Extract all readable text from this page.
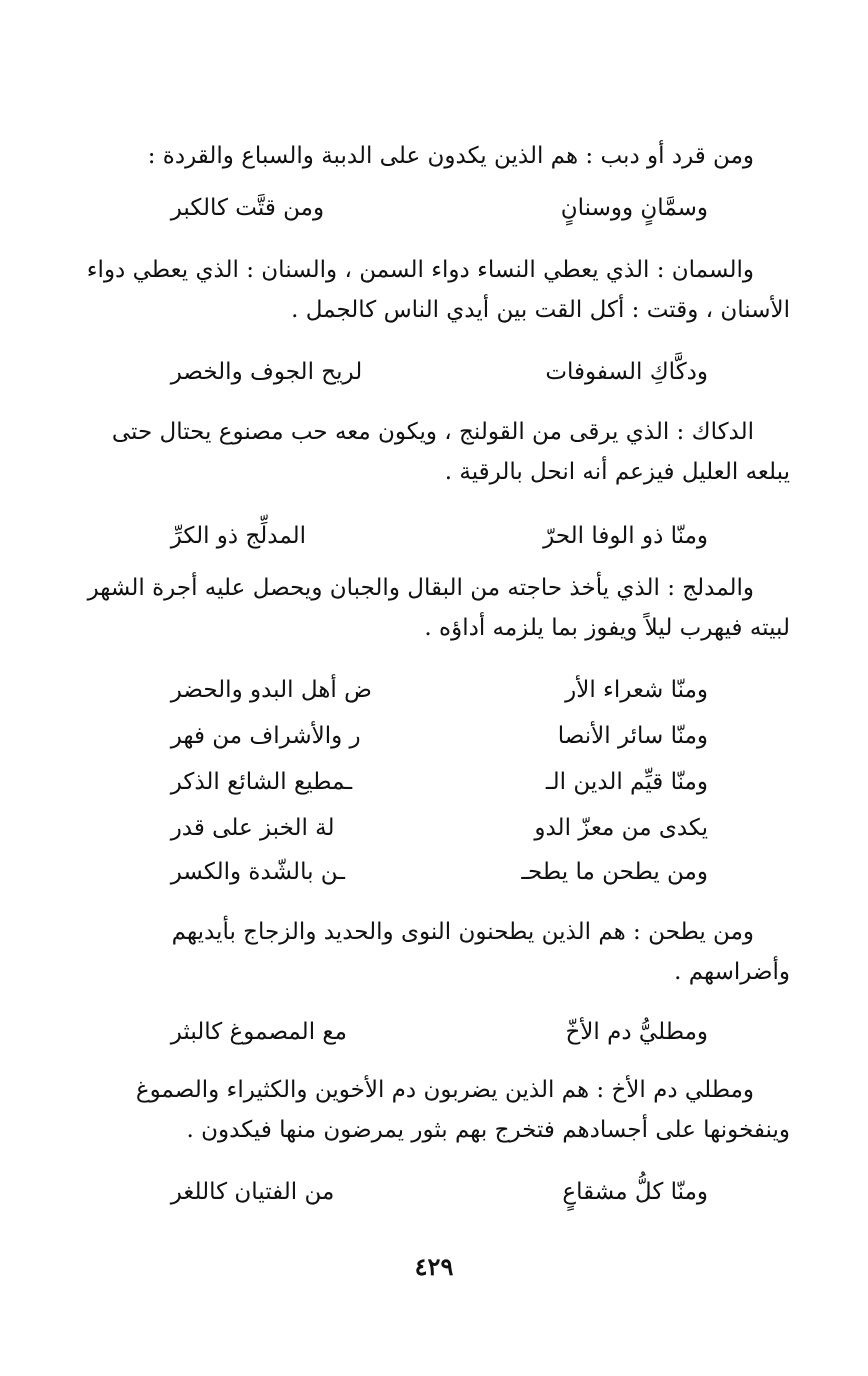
ومن قرد أو دبب : هم الذين يكدون على الدببة والسباع والقردة :
وسمَّانٍ ووسنانٍ ومن قتَّت كالكبر
والسمان : الذي يعطي النساء دواء السمن ، والسنان : الذي يعطي دواء
الأسنان ، وقتت : أكل القت بين أيدي الناس كالجمل .
ودكَّاكِ السفوفات لريح الجوف والخصر
الدكاك : الذي يرقى من القولنج ، ويكون معه حب مصنوع يحتال حتى
يبلعه العليل فيزعم أنه انحل بالرقية .
ومنّا ذو الوفا الحرّ المدلِّج ذو الكرِّ
والمدلج : الذي يأخذ حاجته من البقال والجبان ويحصل عليه أجرة الشهر
لبيته فيهرب ليلاً ويفوز بما يلزمه أداؤه .
ومنّا شعراء الأر ض أهل البدو والحضر
ومنّا سائر الأنصا ر والأشراف من فهر
ومنّا قيِّم الدين الـ ـمطيع الشائع الذكر
يكدى من معزّ الدو لة الخبز على قدر
ومن يطحن ما يطحـ ـن بالشّدة والكسر
ومن يطحن : هم الذين يطحنون النوى والحديد والزجاج بأيديهم
وأضراسهم .
ومطليُّ دم الأخّ مع المصموغ كالبثر
ومطلي دم الأخ : هم الذين يضربون دم الأخوين والكثيراء والصموغ
وينفخونها على أجسادهم فتخرج بهم بثور يمرضون منها فيكدون .
ومنّا كلُّ مشقاعٍ من الفتيان كاللغر
٤٢٩
